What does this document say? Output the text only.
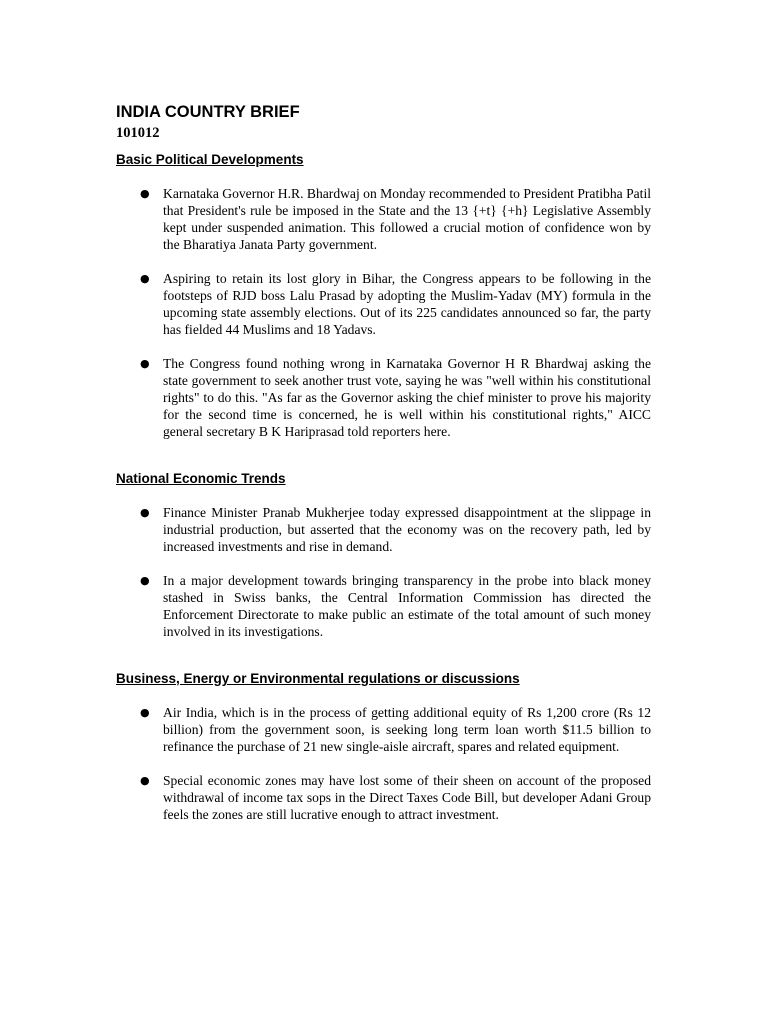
INDIA COUNTRY BRIEF
101012
Basic Political Developments
● Karnataka Governor H.R. Bhardwaj on Monday recommended to President Pratibha Patil that President's rule be imposed in the State and the 13 {+t} {+h} Legislative Assembly kept under suspended animation. This followed a crucial motion of confidence won by the Bharatiya Janata Party government.
● Aspiring to retain its lost glory in Bihar, the Congress appears to be following in the footsteps of RJD boss Lalu Prasad by adopting the Muslim-Yadav (MY) formula in the upcoming state assembly elections. Out of its 225 candidates announced so far, the party has fielded 44 Muslims and 18 Yadavs.
● The Congress found nothing wrong in Karnataka Governor H R Bhardwaj asking the state government to seek another trust vote, saying he was "well within his constitutional rights" to do this. "As far as the Governor asking the chief minister to prove his majority for the second time is concerned, he is well within his constitutional rights," AICC general secretary B K Hariprasad told reporters here.
National Economic Trends
● Finance Minister Pranab Mukherjee today expressed disappointment at the slippage in industrial production, but asserted that the economy was on the recovery path, led by increased investments and rise in demand.
● In a major development towards bringing transparency in the probe into black money stashed in Swiss banks, the Central Information Commission has directed the Enforcement Directorate to make public an estimate of the total amount of such money involved in its investigations.
Business, Energy or Environmental regulations or discussions
● Air India, which is in the process of getting additional equity of Rs 1,200 crore (Rs 12 billion) from the government soon, is seeking long term loan worth $11.5 billion to refinance the purchase of 21 new single-aisle aircraft, spares and related equipment.
● Special economic zones may have lost some of their sheen on account of the proposed withdrawal of income tax sops in the Direct Taxes Code Bill, but developer Adani Group feels the zones are still lucrative enough to attract investment.
